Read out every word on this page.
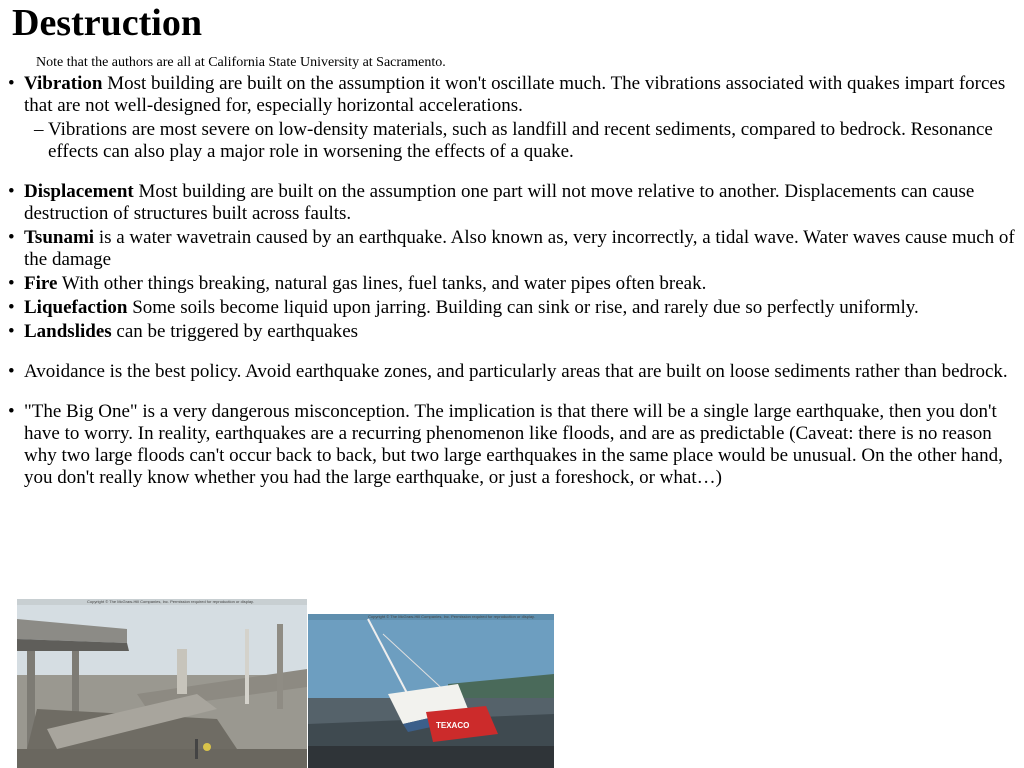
Destruction
Note that the authors are all at California State University at Sacramento.

• Vibration Most building are built on the assumption it won't oscillate much. The vibrations associated with quakes impart forces that are not well-designed for, especially horizontal accelerations.

– Vibrations are most severe on low-density materials, such as landfill and recent sediments, compared to bedrock. Resonance effects can also play a major role in worsening the effects of a quake.

• Displacement Most building are built on the assumption one part will not move relative to another. Displacements can cause destruction of structures built across faults.

• Tsunami is a water wavetrain caused by an earthquake. Also known as, very incorrectly, a tidal wave. Water waves cause much of the damage

• Fire With other things breaking, natural gas lines, fuel tanks, and water pipes often break.

• Liquefaction Some soils become liquid upon jarring. Building can sink or rise, and rarely due so perfectly uniformly.

• Landslides can be triggered by earthquakes

• Avoidance is the best policy. Avoid earthquake zones, and particularly areas that are built on loose sediments rather than bedrock.

• "The Big One" is a very dangerous misconception. The implication is that there will be a single large earthquake, then you don't have to worry. In reality, earthquakes are a recurring phenomenon like floods, and are as predictable (Caveat: there is no reason why two large floods can't occur back to back, but two large earthquakes in the same place would be unusual. On the other hand, you don't really know whether you had the large earthquake, or just a foreshock, or what…)

Copyright © The McGraw-Hill Companies, Inc. Permission required for reproduction or display.
Copyright © The McGraw-Hill Companies, Inc. Permission required for reproduction or display.
TEXACO
